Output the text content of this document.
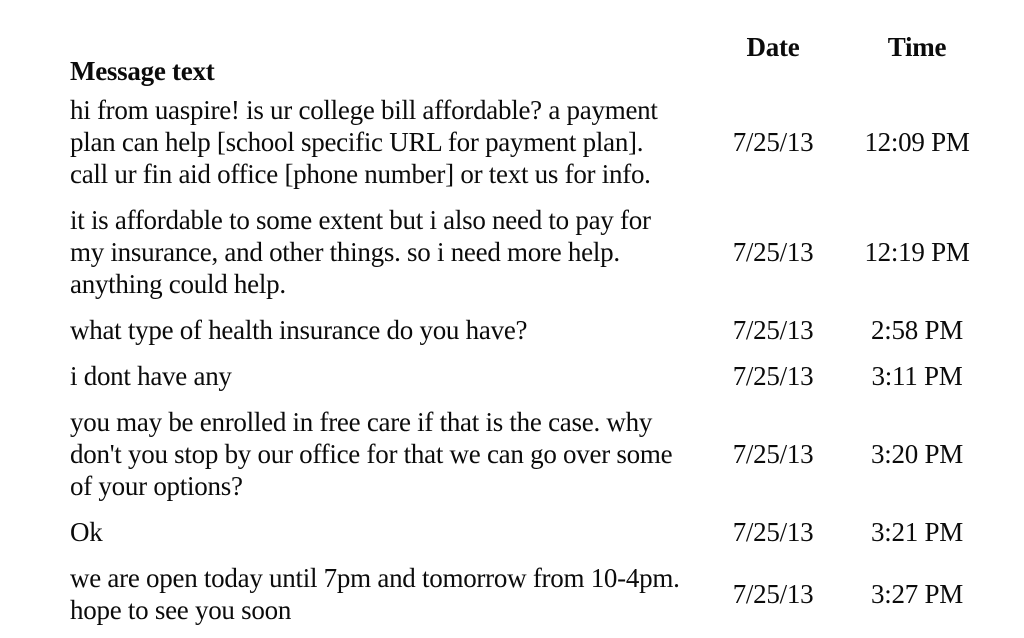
Message text	Date	Time
hi from uaspire! is ur college bill affordable? a payment plan can help [school specific URL for payment plan]. call ur fin aid office [phone number] or text us for info.	7/25/13	12:09 PM
it is affordable to some extent but i also need to pay for my insurance, and other things. so i need more help. anything could help.	7/25/13	12:19 PM
what type of health insurance do you have?	7/25/13	2:58 PM
i dont have any	7/25/13	3:11 PM
you may be enrolled in free care if that is the case. why don't you stop by our office for that we can go over some of your options?	7/25/13	3:20 PM
Ok	7/25/13	3:21 PM
we are open today until 7pm and tomorrow from 10-4pm. hope to see you soon	7/25/13	3:27 PM
